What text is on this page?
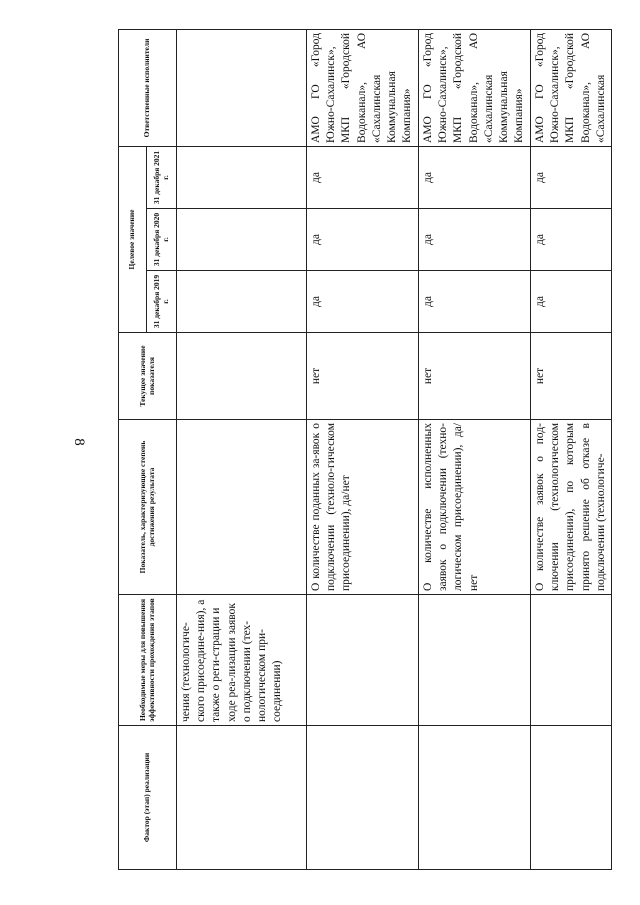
8
Фактор (этап) реализации	Необходимые меры для повышения эффективности прохождения этапов	Показатель, характеризующие степень достижения результата	Текущее значение показателя	Целевое значение			Ответственные исполнители
				31 декабря 2019 г.	31 декабря 2020 г.	31 декабря 2021 г.	
	чения (технологиче-ского присоедине-ния), а также о реги-страции и ходе реа-лизации заявок о подключении (тех-нологическом при-соединении)						
		О количестве поданных за-явок о подключении (техноло-гическом присоединении), да/нет	нет	да	да	да	АМО ГО «Город Южно-Сахалинск», МКП «Городской Водоканал», АО «Сахалинская Коммунальная Компания»
		О количестве исполненных заявок о подключении (техно-логическом присоединении), да/нет	нет	да	да	да	АМО ГО «Город Южно-Сахалинск», МКП «Городской Водоканал», АО «Сахалинская Коммунальная Компания»
		О количестве заявок о под-ключении (технологическом присоединении), по которым принято решение об отказе в подключении (технологиче-	нет	да	да	да	АМО ГО «Город Южно-Сахалинск», МКП «Городской Водоканал», АО «Сахалинская
